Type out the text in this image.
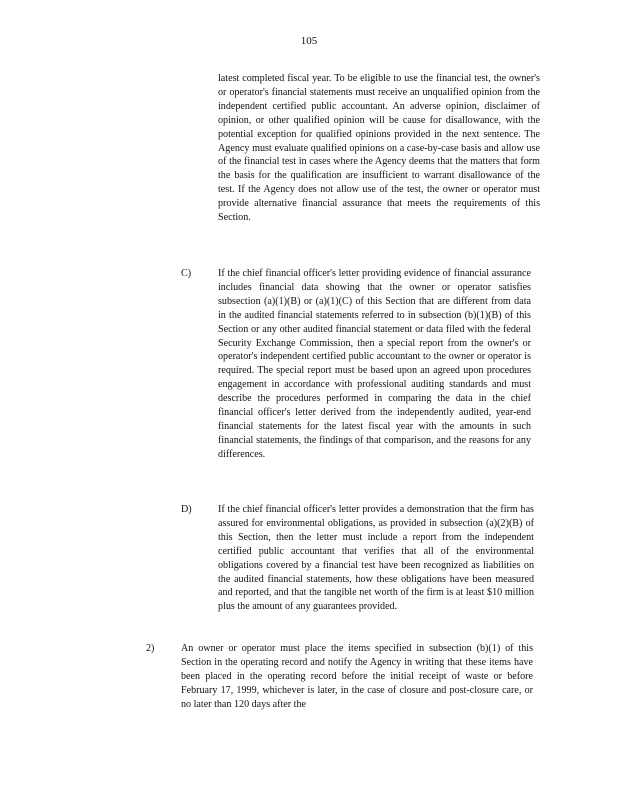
105
latest completed fiscal year. To be eligible to use the financial test, the owner's or operator's financial statements must receive an unqualified opinion from the independent certified public accountant. An adverse opinion, disclaimer of opinion, or other qualified opinion will be cause for disallowance, with the potential exception for qualified opinions provided in the next sentence. The Agency must evaluate qualified opinions on a case-by-case basis and allow use of the financial test in cases where the Agency deems that the matters that form the basis for the qualification are insufficient to warrant disallowance of the test. If the Agency does not allow use of the test, the owner or operator must provide alternative financial assurance that meets the requirements of this Section.
C)	If the chief financial officer's letter providing evidence of financial assurance includes financial data showing that the owner or operator satisfies subsection (a)(1)(B) or (a)(1)(C) of this Section that are different from data in the audited financial statements referred to in subsection (b)(1)(B) of this Section or any other audited financial statement or data filed with the federal Security Exchange Commission, then a special report from the owner's or operator's independent certified public accountant to the owner or operator is required. The special report must be based upon an agreed upon procedures engagement in accordance with professional auditing standards and must describe the procedures performed in comparing the data in the chief financial officer's letter derived from the independently audited, year-end financial statements for the latest fiscal year with the amounts in such financial statements, the findings of that comparison, and the reasons for any differences.
D)	If the chief financial officer's letter provides a demonstration that the firm has assured for environmental obligations, as provided in subsection (a)(2)(B) of this Section, then the letter must include a report from the independent certified public accountant that verifies that all of the environmental obligations covered by a financial test have been recognized as liabilities on the audited financial statements, how these obligations have been measured and reported, and that the tangible net worth of the firm is at least $10 million plus the amount of any guarantees provided.
2)	An owner or operator must place the items specified in subsection (b)(1) of this Section in the operating record and notify the Agency in writing that these items have been placed in the operating record before the initial receipt of waste or before February 17, 1999, whichever is later, in the case of closure and post-closure care, or no later than 120 days after the
